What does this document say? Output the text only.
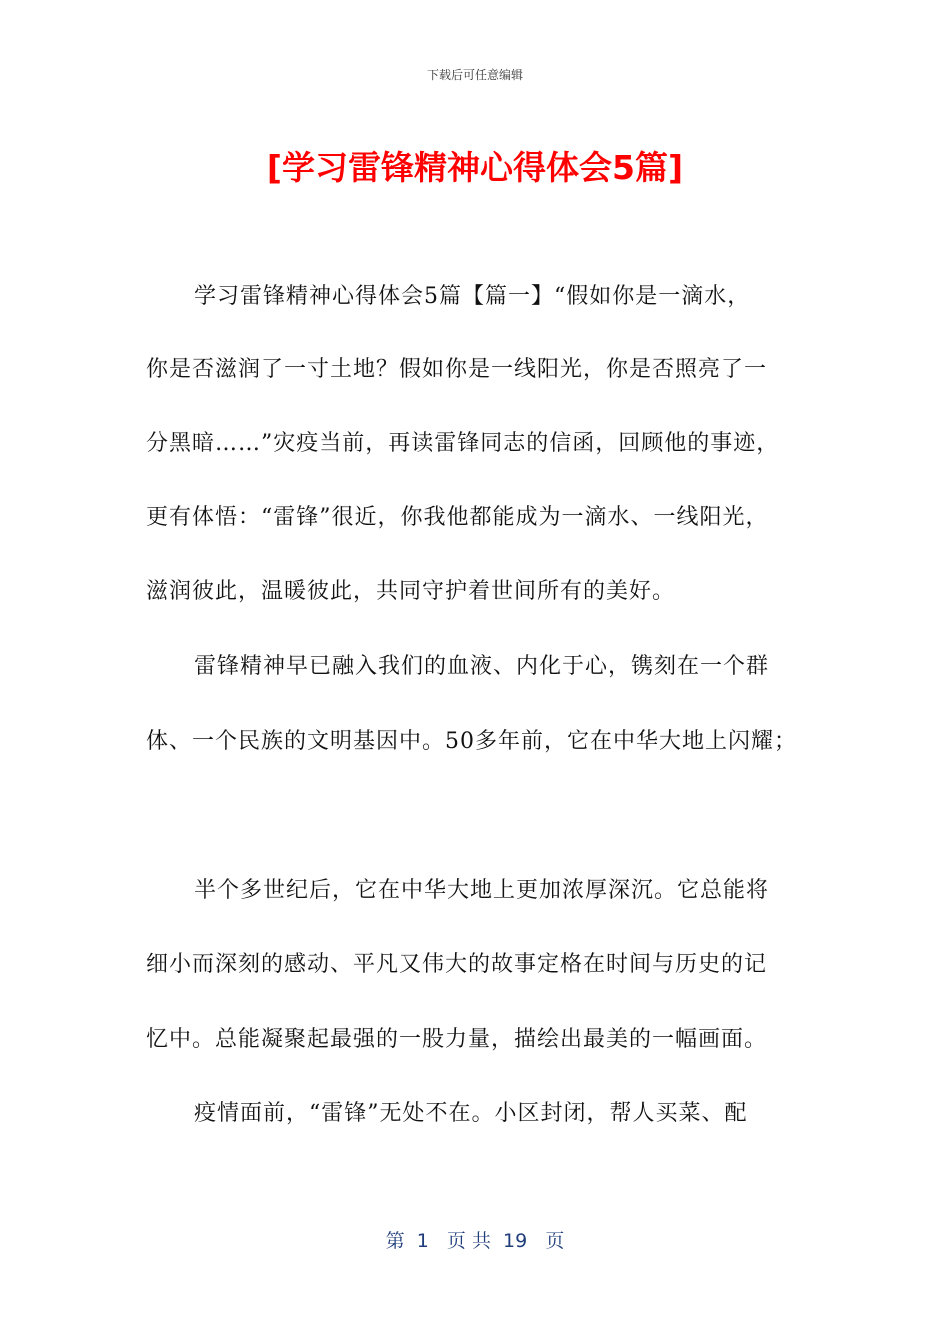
下载后可任意编辑
[学习雷锋精神心得体会5篇]
学习雷锋精神心得体会5篇【篇一】“假如你是一滴水，
你是否滋润了一寸土地？假如你是一线阳光，你是否照亮了一
分黑暗……”灾疫当前，再读雷锋同志的信函，回顾他的事迹，
更有体悟：“雷锋”很近，你我他都能成为一滴水、一线阳光，
滋润彼此，温暖彼此，共同守护着世间所有的美好。
雷锋精神早已融入我们的血液、内化于心，镌刻在一个群
体、一个民族的文明基因中。50多年前，它在中华大地上闪耀；
半个多世纪后，它在中华大地上更加浓厚深沉。它总能将
细小而深刻的感动、平凡又伟大的故事定格在时间与历史的记
忆中。总能凝聚起最强的一股力量，描绘出最美的一幅画面。
疫情面前，“雷锋”无处不在。小区封闭，帮人买菜、配
第  1   页 共  19   页
